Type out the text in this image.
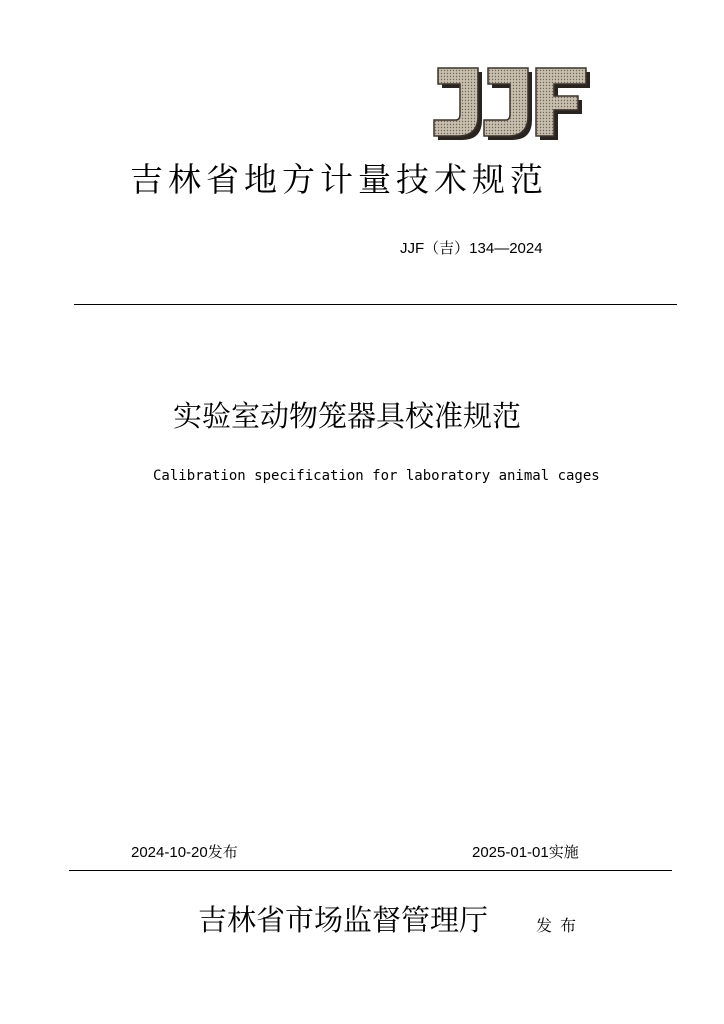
吉林省地方计量技术规范
JJF（吉）134—2024
实验室动物笼器具校准规范
Calibration specification for laboratory animal cages
2024-10-20发布	2025-01-01实施
吉林省市场监督管理厅	发布
